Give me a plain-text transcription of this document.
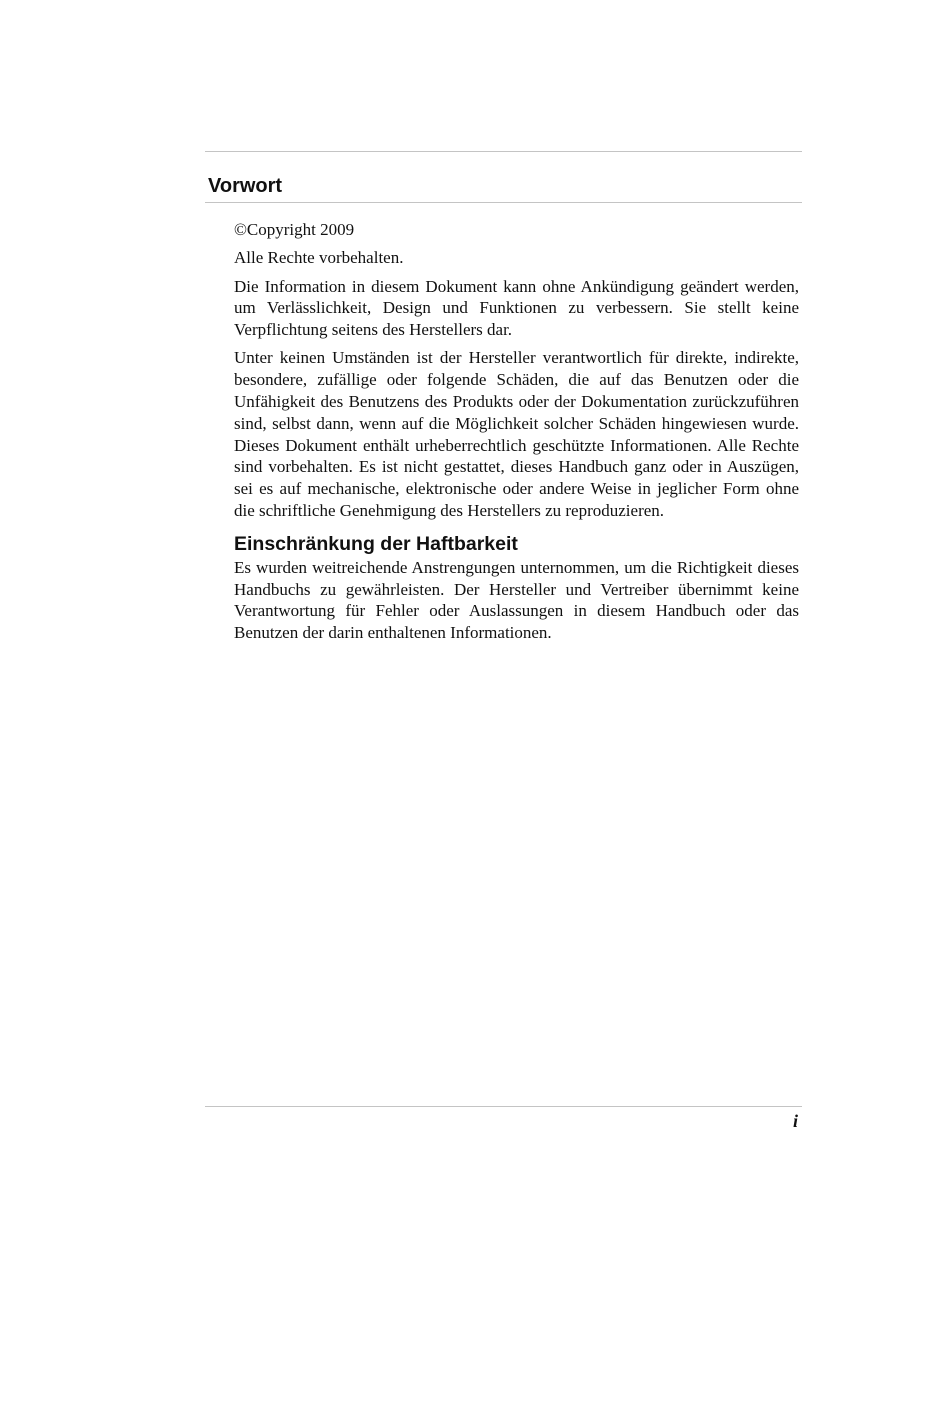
Vorwort

©Copyright 2009

Alle Rechte vorbehalten.

Die Information in diesem Dokument kann ohne Ankündigung geändert werden, um Verlässlichkeit, Design und Funktionen zu verbessern. Sie stellt keine Verpflichtung seitens des Herstellers dar.

Unter keinen Umständen ist der Hersteller verantwortlich für direkte, indirekte, besondere, zufällige oder folgende Schäden, die auf das Benutzen oder die Unfähigkeit des Benutzens des Produkts oder der Dokumentation zurückzuführen sind, selbst dann, wenn auf die Möglichkeit solcher Schäden hingewiesen wurde. Dieses Dokument enthält urheberrechtlich geschützte Informationen. Alle Rechte sind vorbehalten. Es ist nicht gestattet, dieses Handbuch ganz oder in Auszügen, sei es auf mechanische, elektronische oder andere Weise in jeglicher Form ohne die schriftliche Genehmigung des Herstellers zu reproduzieren.

Einschränkung der Haftbarkeit

Es wurden weitreichende Anstrengungen unternommen, um die Richtigkeit dieses Handbuchs zu gewährleisten. Der Hersteller und Vertreiber übernimmt keine Verantwortung für Fehler oder Auslassungen in diesem Handbuch oder das Benutzen der darin enthaltenen Informationen.

i
